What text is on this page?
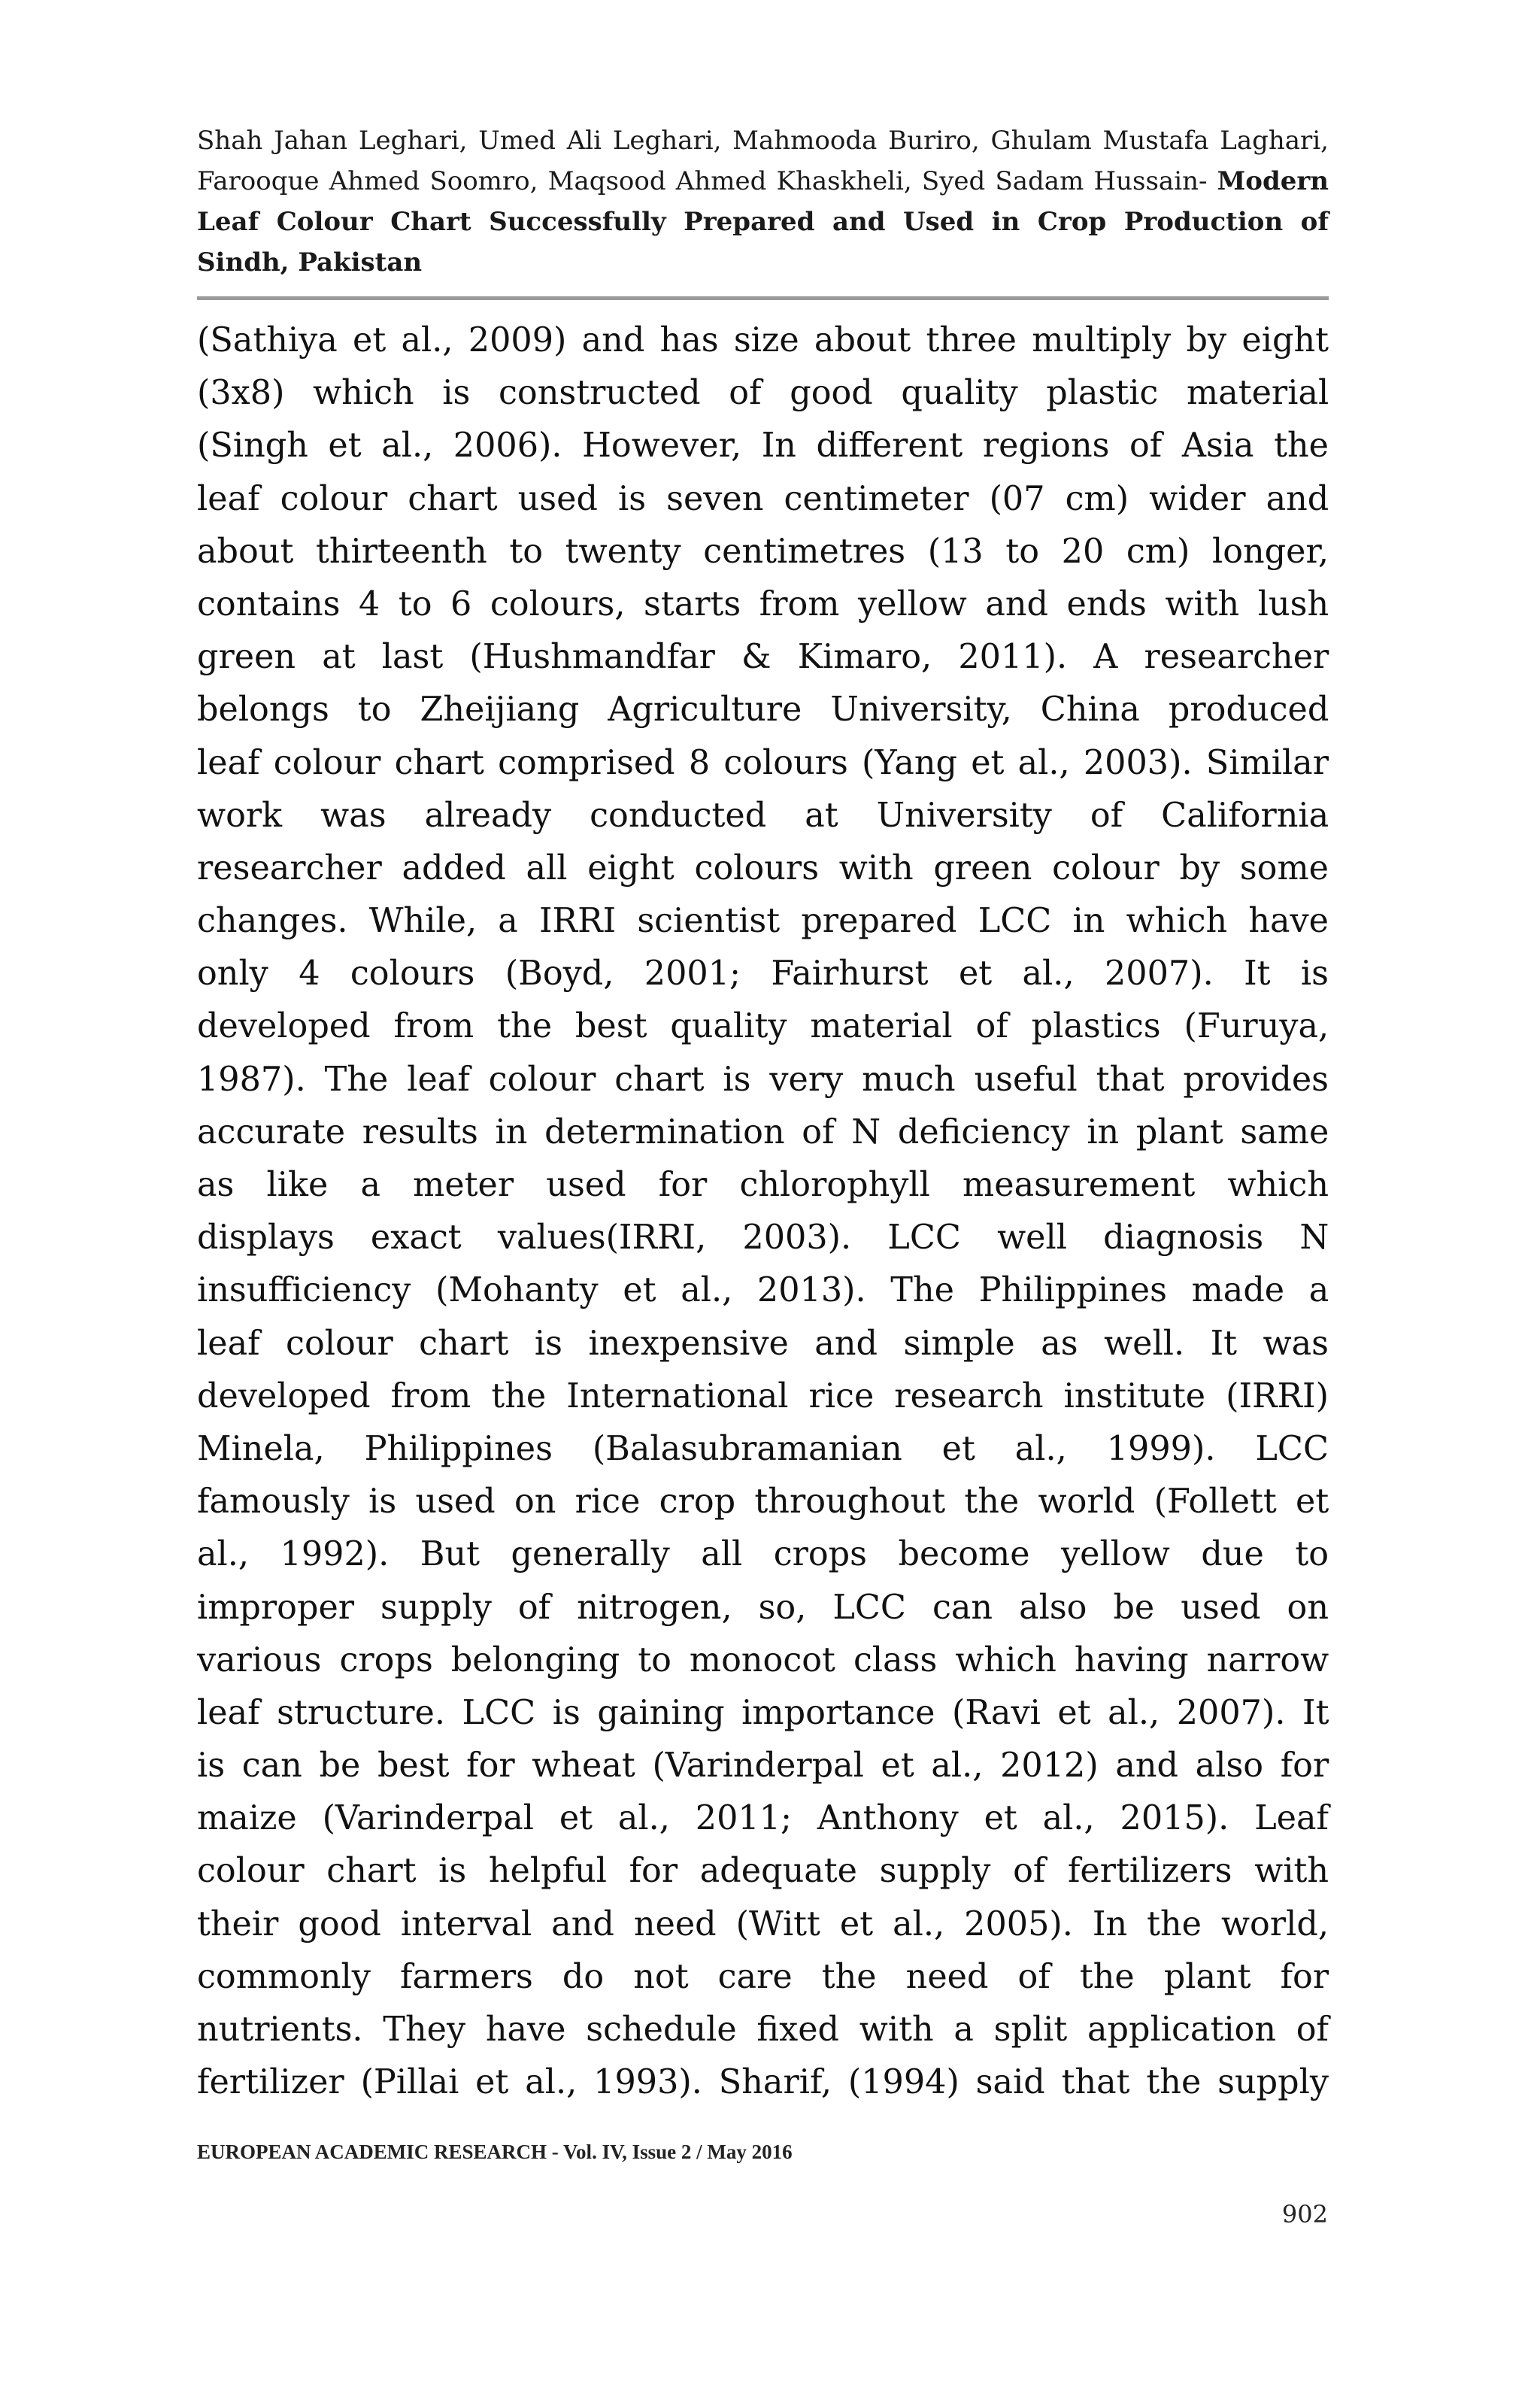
Shah Jahan Leghari, Umed Ali Leghari, Mahmooda Buriro, Ghulam Mustafa Laghari, Farooque Ahmed Soomro, Maqsood Ahmed Khaskheli, Syed Sadam Hussain- Modern Leaf Colour Chart Successfully Prepared and Used in Crop Production of Sindh, Pakistan
(Sathiya et al., 2009) and has size about three multiply by eight
(3x8) which is constructed of good quality plastic material
(Singh et al., 2006). However, In different regions of Asia the
leaf colour chart used is seven centimeter (07 cm) wider and
about thirteenth to twenty centimetres (13 to 20 cm) longer,
contains 4 to 6 colours, starts from yellow and ends with lush
green at last (Hushmandfar & Kimaro, 2011). A researcher
belongs to Zheijiang Agriculture University, China produced
leaf colour chart comprised 8 colours (Yang et al., 2003). Similar
work was already conducted at University of California
researcher added all eight colours with green colour by some
changes. While, a IRRI scientist prepared LCC in which have
only 4 colours (Boyd, 2001; Fairhurst et al., 2007). It is
developed from the best quality material of plastics (Furuya,
1987). The leaf colour chart is very much useful that provides
accurate results in determination of N deficiency in plant same
as like a meter used for chlorophyll measurement which
displays exact values(IRRI, 2003). LCC well diagnosis N
insufficiency (Mohanty et al., 2013). The Philippines made a
leaf colour chart is inexpensive and simple as well. It was
developed from the International rice research institute (IRRI)
Minela, Philippines (Balasubramanian et al., 1999). LCC
famously is used on rice crop throughout the world (Follett et
al., 1992). But generally all crops become yellow due to
improper supply of nitrogen, so, LCC can also be used on
various crops belonging to monocot class which having narrow
leaf structure. LCC is gaining importance (Ravi et al., 2007). It
is can be best for wheat (Varinderpal et al., 2012) and also for
maize (Varinderpal et al., 2011; Anthony et al., 2015). Leaf
colour chart is helpful for adequate supply of fertilizers with
their good interval and need (Witt et al., 2005). In the world,
commonly farmers do not care the need of the plant for
nutrients. They have schedule fixed with a split application of
fertilizer (Pillai et al., 1993). Sharif, (1994) said that the supply
EUROPEAN ACADEMIC RESEARCH - Vol. IV, Issue 2 / May 2016
902
